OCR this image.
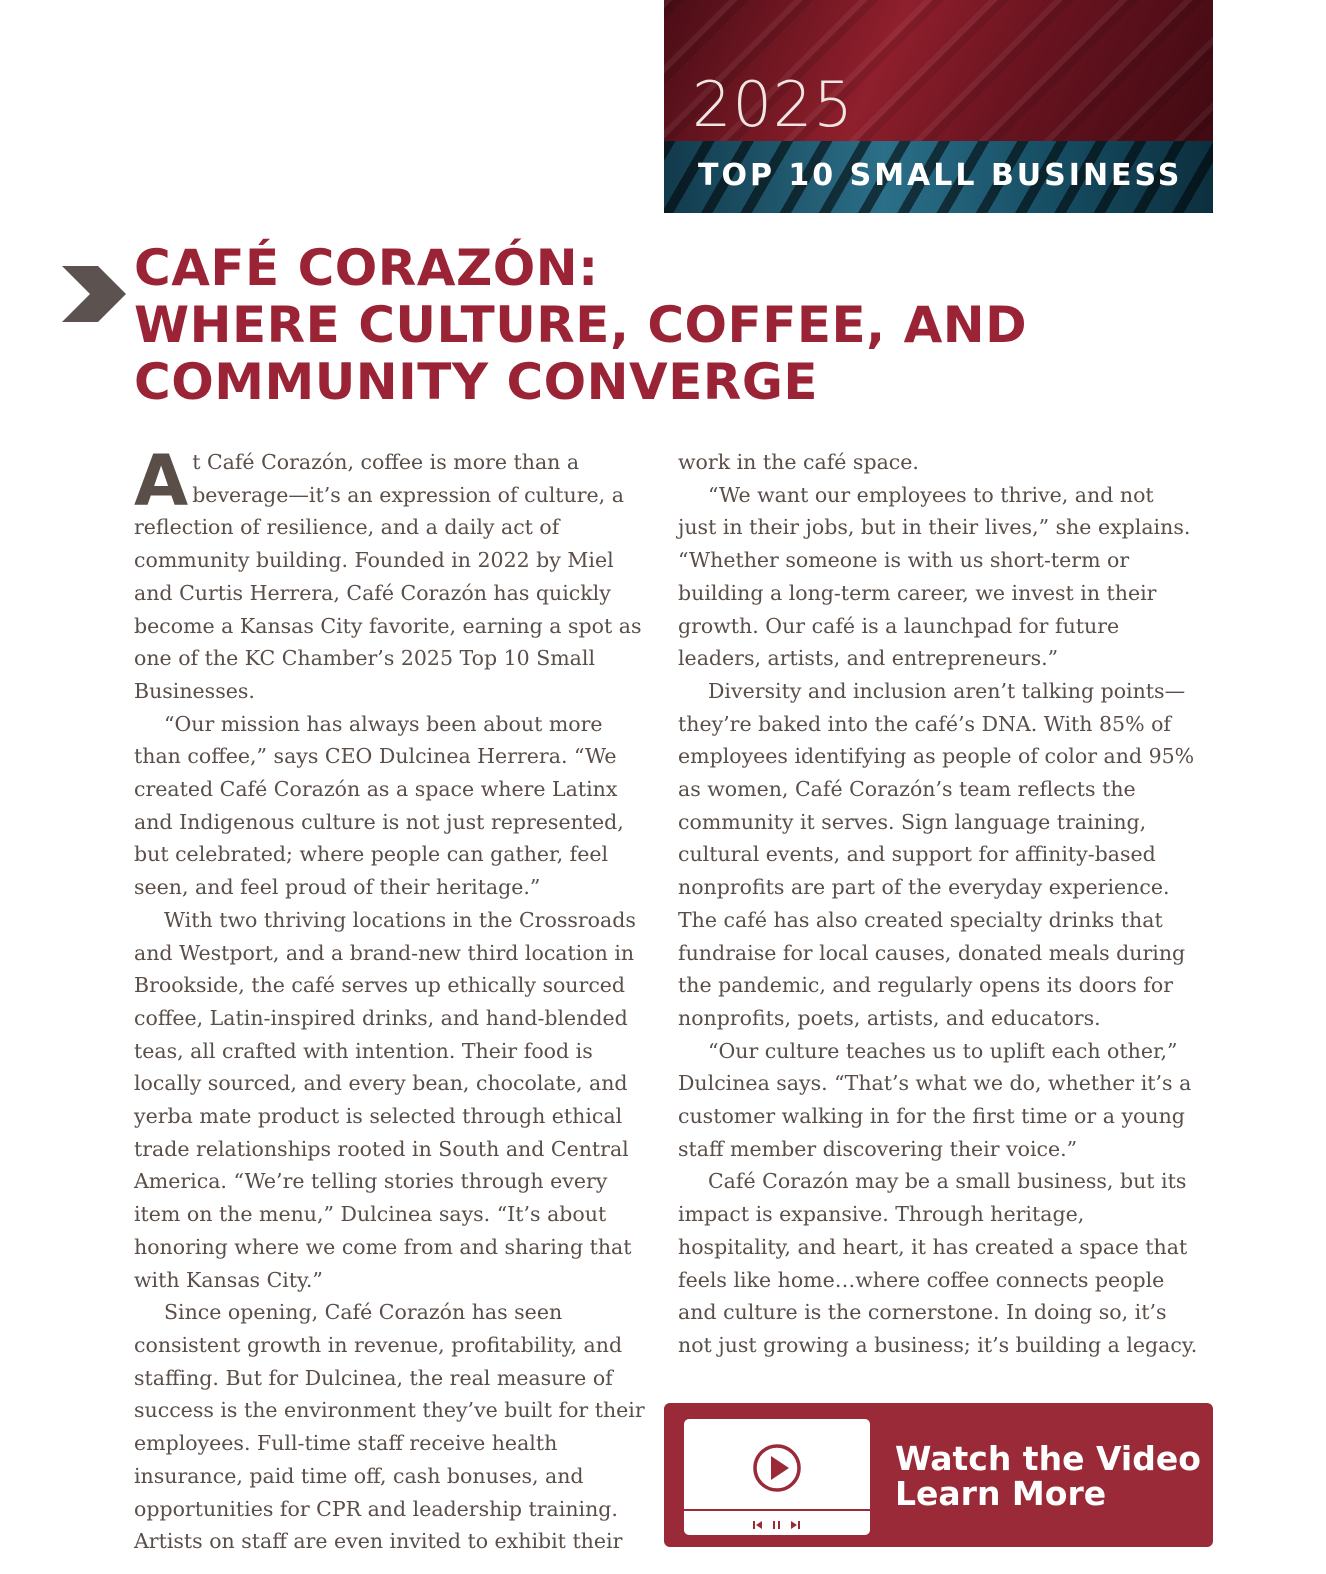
2025
TOP 10 SMALL BUSINESS
CAFÉ CORAZÓN:
WHERE CULTURE, COFFEE, AND
COMMUNITY CONVERGE

At Café Corazón, coffee is more than a beverage—it’s an expression of culture, a reflection of resilience, and a daily act of community building. Founded in 2022 by Miel and Curtis Herrera, Café Corazón has quickly become a Kansas City favorite, earning a spot as one of the KC Chamber’s 2025 Top 10 Small Businesses.

“Our mission has always been about more than coffee,” says CEO Dulcinea Herrera. “We created Café Corazón as a space where Latinx and Indigenous culture is not just represented, but celebrated; where people can gather, feel seen, and feel proud of their heritage.”

With two thriving locations in the Crossroads and Westport, and a brand-new third location in Brookside, the café serves up ethically sourced coffee, Latin-inspired drinks, and hand-blended teas, all crafted with intention. Their food is locally sourced, and every bean, chocolate, and yerba mate product is selected through ethical trade relationships rooted in South and Central America. “We’re telling stories through every item on the menu,” Dulcinea says. “It’s about honoring where we come from and sharing that with Kansas City.”

Since opening, Café Corazón has seen consistent growth in revenue, profitability, and staffing. But for Dulcinea, the real measure of success is the environment they’ve built for their employees. Full-time staff receive health insurance, paid time off, cash bonuses, and opportunities for CPR and leadership training. Artists on staff are even invited to exhibit their

work in the café space.

“We want our employees to thrive, and not just in their jobs, but in their lives,” she explains. “Whether someone is with us short-term or building a long-term career, we invest in their growth. Our café is a launchpad for future leaders, artists, and entrepreneurs.”

Diversity and inclusion aren’t talking points—they’re baked into the café’s DNA. With 85% of employees identifying as people of color and 95% as women, Café Corazón’s team reflects the community it serves. Sign language training, cultural events, and support for affinity-based nonprofits are part of the everyday experience. The café has also created specialty drinks that fundraise for local causes, donated meals during the pandemic, and regularly opens its doors for nonprofits, poets, artists, and educators.

“Our culture teaches us to uplift each other,” Dulcinea says. “That’s what we do, whether it’s a customer walking in for the first time or a young staff member discovering their voice.”

Café Corazón may be a small business, but its impact is expansive. Through heritage, hospitality, and heart, it has created a space that feels like home…where coffee connects people and culture is the cornerstone. In doing so, it’s not just growing a business; it’s building a legacy.

Watch the Video
Learn More
